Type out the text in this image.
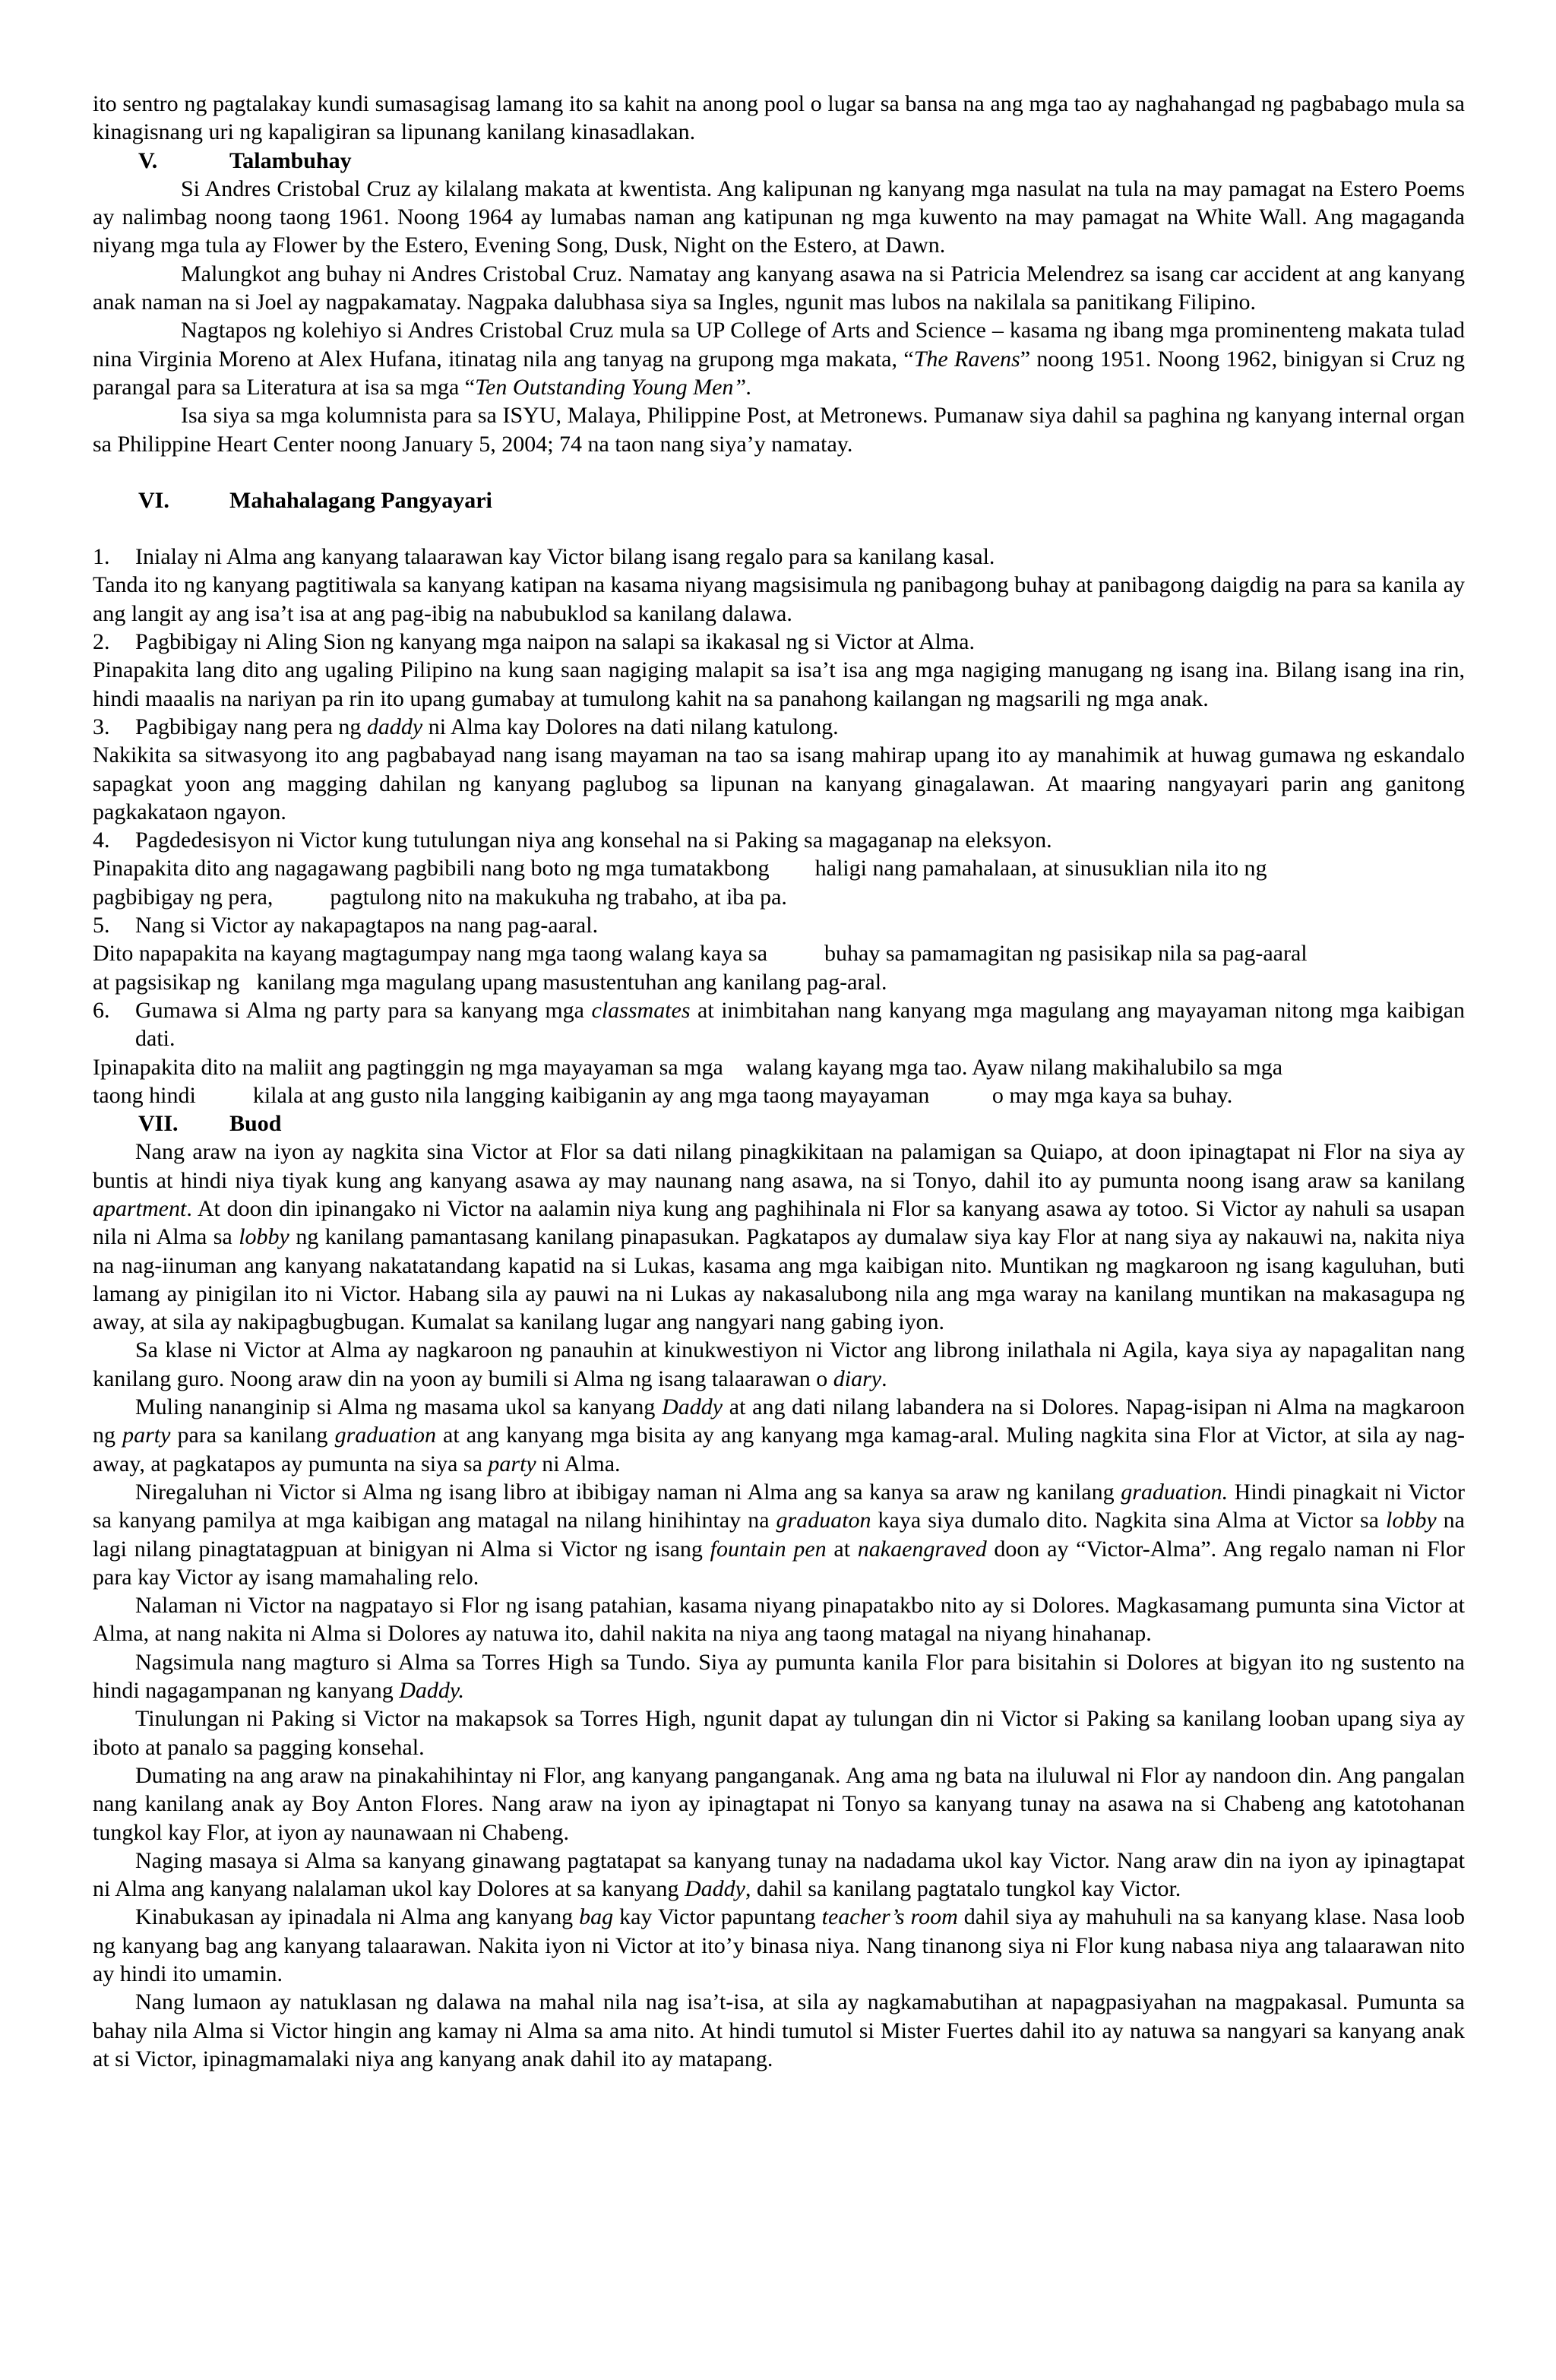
ito sentro ng pagtalakay kundi sumasagisag lamang ito sa kahit na anong pool o lugar sa bansa na ang mga tao ay naghahangad ng pagbabago mula sa kinagisnang uri ng kapaligiran sa lipunang kanilang kinasadlakan.

V.	Talambuhay

Si Andres Cristobal Cruz ay kilalang makata at kwentista. Ang kalipunan ng kanyang mga nasulat na tula na may pamagat na Estero Poems ay nalimbag noong taong 1961. Noong 1964 ay lumabas naman ang katipunan ng mga kuwento na may pamagat na White Wall. Ang magaganda niyang mga tula ay Flower by the Estero, Evening Song, Dusk, Night on the Estero, at Dawn.

Malungkot ang buhay ni Andres Cristobal Cruz. Namatay ang kanyang asawa na si Patricia Melendrez sa isang car accident at ang kanyang anak naman na si Joel ay nagpakamatay. Nagpaka dalubhasa siya sa Ingles, ngunit mas lubos na nakilala sa panitikang Filipino.

Nagtapos ng kolehiyo si Andres Cristobal Cruz mula sa UP College of Arts and Science – kasama ng ibang mga prominenteng makata tulad nina Virginia Moreno at Alex Hufana, itinatag nila ang tanyag na grupong mga makata, “The Ravens” noong 1951. Noong 1962, binigyan si Cruz ng parangal para sa Literatura at isa sa mga “Ten Outstanding Young Men”.

Isa siya sa mga kolumnista para sa ISYU, Malaya, Philippine Post, at Metronews. Pumanaw siya dahil sa paghina ng kanyang internal organ sa Philippine Heart Center noong January 5, 2004; 74 na taon nang siya’y namatay.

VI.	Mahahalagang Pangyayari

1. Inialay ni Alma ang kanyang talaarawan kay Victor bilang isang regalo para sa kanilang kasal.

Tanda ito ng kanyang pagtitiwala sa kanyang katipan na kasama niyang magsisimula ng panibagong buhay at panibagong daigdig na para sa kanila ay ang langit ay ang isa’t isa at ang pag-ibig na nabubuklod sa kanilang dalawa.

2. Pagbibigay ni Aling Sion ng kanyang mga naipon na salapi sa ikakasal ng si Victor at Alma.

Pinapakita lang dito ang ugaling Pilipino na kung saan nagiging malapit sa isa’t isa ang mga nagiging manugang ng isang ina. Bilang isang ina rin, hindi maaalis na nariyan pa rin ito upang gumabay at tumulong kahit na sa panahong kailangan ng magsarili ng mga anak.

3. Pagbibigay nang pera ng daddy ni Alma kay Dolores na dati nilang katulong.

Nakikita sa sitwasyong ito ang pagbabayad nang isang mayaman na tao sa isang mahirap upang ito ay manahimik at huwag gumawa ng eskandalo sapagkat yoon ang magging dahilan ng kanyang paglubog sa lipunan na kanyang ginagalawan. At maaring nangyayari parin ang ganitong pagkakataon ngayon.

4. Pagdedesisyon ni Victor kung tutulungan niya ang konsehal na si Paking sa magaganap na eleksyon.

Pinapakita dito ang nagagawang pagbibili nang boto ng mga tumatakbong        haligi nang pamahalaan, at sinusuklian nila ito ng

pagbibigay ng pera,          pagtulong nito na makukuha ng trabaho, at iba pa.

5. Nang si Victor ay nakapagtapos na nang pag-aaral.

Dito napapakita na kayang magtagumpay nang mga taong walang kaya sa          buhay sa pamamagitan ng pasisikap nila sa pag-aaral

at pagsisikap ng   kanilang mga magulang upang masustentuhan ang kanilang pag-aral.

6. Gumawa si Alma ng party para sa kanyang mga classmates at inimbitahan nang kanyang mga magulang ang mayayaman nitong mga kaibigan dati.

Ipinapakita dito na maliit ang pagtinggin ng mga mayayaman sa mga    walang kayang mga tao. Ayaw nilang makihalubilo sa mga

taong hindi          kilala at ang gusto nila langging kaibiganin ay ang mga taong mayayaman           o may mga kaya sa buhay.

VII. Buod

Nang araw na iyon ay nagkita sina Victor at Flor sa dati nilang pinagkikitaan na palamigan sa Quiapo, at doon ipinagtapat ni Flor na siya ay buntis at hindi niya tiyak kung ang kanyang asawa ay may naunang nang asawa, na si Tonyo, dahil ito ay pumunta noong isang araw sa kanilang apartment. At doon din ipinangako ni Victor na aalamin niya kung ang paghihinala ni Flor sa kanyang asawa ay totoo. Si Victor ay nahuli sa usapan nila ni Alma sa lobby ng kanilang pamantasang kanilang pinapasukan. Pagkatapos ay dumalaw siya kay Flor at nang siya ay nakauwi na, nakita niya na nag-iinuman ang kanyang nakatatandang kapatid na si Lukas, kasama ang mga kaibigan nito. Muntikan ng magkaroon ng isang kaguluhan, buti lamang ay pinigilan ito ni Victor. Habang sila ay pauwi na ni Lukas ay nakasalubong nila ang mga waray na kanilang muntikan na makasagupa ng away, at sila ay nakipagbugbugan. Kumalat sa kanilang lugar ang nangyari nang gabing iyon.

Sa klase ni Victor at Alma ay nagkaroon ng panauhin at kinukwestiyon ni Victor ang librong inilathala ni Agila, kaya siya ay napagalitan nang kanilang guro. Noong araw din na yoon ay bumili si Alma ng isang talaarawan o diary.

Muling nananginip si Alma ng masama ukol sa kanyang Daddy at ang dati nilang labandera na si Dolores. Napag-isipan ni Alma na magkaroon ng party para sa kanilang graduation at ang kanyang mga bisita ay ang kanyang mga kamag-aral. Muling nagkita sina Flor at Victor, at sila ay nag-away, at pagkatapos ay pumunta na siya sa party ni Alma.

Niregaluhan ni Victor si Alma ng isang libro at ibibigay naman ni Alma ang sa kanya sa araw ng kanilang graduation. Hindi pinagkait ni Victor sa kanyang pamilya at mga kaibigan ang matagal na nilang hinihintay na graduaton kaya siya dumalo dito. Nagkita sina Alma at Victor sa lobby na lagi nilang pinagtatagpuan at binigyan ni Alma si Victor ng isang fountain pen at nakaengraved doon ay “Victor-Alma”. Ang regalo naman ni Flor para kay Victor ay isang mamahaling relo.

Nalaman ni Victor na nagpatayo si Flor ng isang patahian, kasama niyang pinapatakbo nito ay si Dolores. Magkasamang pumunta sina Victor at Alma, at nang nakita ni Alma si Dolores ay natuwa ito, dahil nakita na niya ang taong matagal na niyang hinahanap.

Nagsimula nang magturo si Alma sa Torres High sa Tundo. Siya ay pumunta kanila Flor para bisitahin si Dolores at bigyan ito ng sustento na hindi nagagampanan ng kanyang Daddy.

Tinulungan ni Paking si Victor na makapsok sa Torres High, ngunit dapat ay tulungan din ni Victor si Paking sa kanilang looban upang siya ay iboto at panalo sa pagging konsehal.

Dumating na ang araw na pinakahihintay ni Flor, ang kanyang panganganak. Ang ama ng bata na iluluwal ni Flor ay nandoon din. Ang pangalan nang kanilang anak ay Boy Anton Flores. Nang araw na iyon ay ipinagtapat ni Tonyo sa kanyang tunay na asawa na si Chabeng ang katotohanan tungkol kay Flor, at iyon ay naunawaan ni Chabeng.

Naging masaya si Alma sa kanyang ginawang pagtatapat sa kanyang tunay na nadadama ukol kay Victor. Nang araw din na iyon ay ipinagtapat ni Alma ang kanyang nalalaman ukol kay Dolores at sa kanyang Daddy, dahil sa kanilang pagtatalo tungkol kay Victor.

Kinabukasan ay ipinadala ni Alma ang kanyang bag kay Victor papuntang teacher’s room dahil siya ay mahuhuli na sa kanyang klase. Nasa loob ng kanyang bag ang kanyang talaarawan. Nakita iyon ni Victor at ito’y binasa niya. Nang tinanong siya ni Flor kung nabasa niya ang talaarawan nito ay hindi ito umamin.

Nang lumaon ay natuklasan ng dalawa na mahal nila nag isa’t-isa, at sila ay nagkamabutihan at napagpasiyahan na magpakasal. Pumunta sa bahay nila Alma si Victor hingin ang kamay ni Alma sa ama nito. At hindi tumutol si Mister Fuertes dahil ito ay natuwa sa nangyari sa kanyang anak at si Victor, ipinagmamalaki niya ang kanyang anak dahil ito ay matapang.
